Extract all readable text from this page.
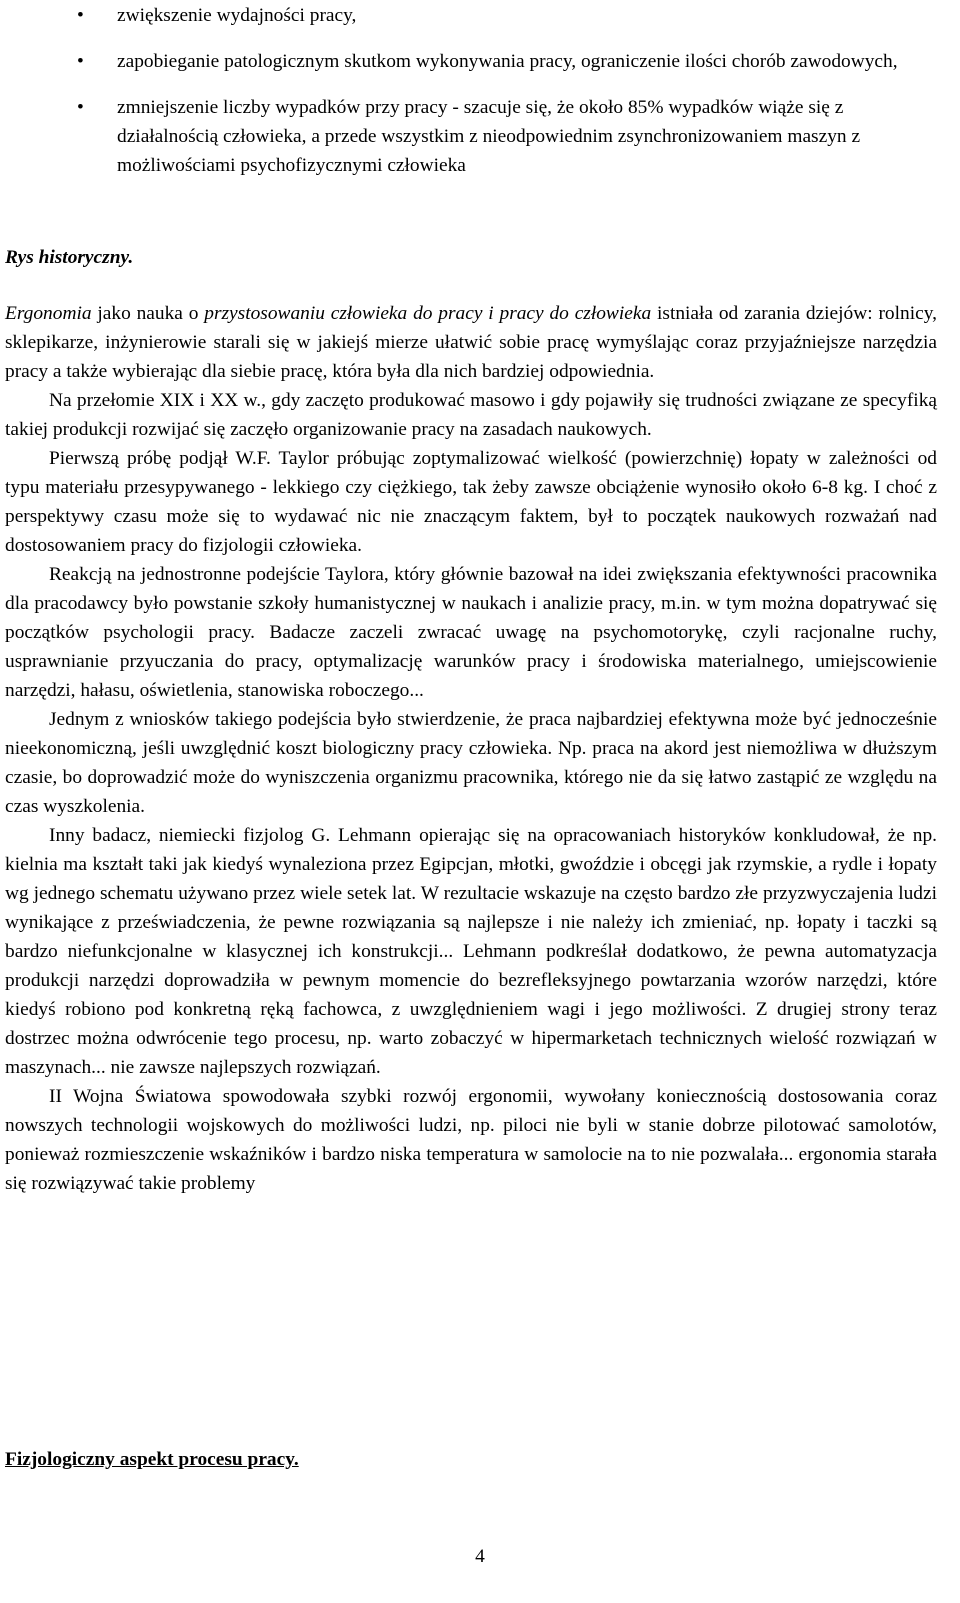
•	zwiększenie wydajności pracy,
•	zapobieganie patologicznym skutkom wykonywania pracy, ograniczenie ilości chorób zawodowych,
•	zmniejszenie liczby wypadków przy pracy - szacuje się, że około 85% wypadków wiąże się z działalnością człowieka, a przede wszystkim z nieodpowiednim zsynchronizowaniem maszyn z możliwościami psychofizycznymi człowieka
Rys historyczny.

Ergonomia jako nauka o przystosowaniu człowieka do pracy i pracy do człowieka istniała od zarania dziejów: rolnicy, sklepikarze, inżynierowie starali się w jakiejś mierze ułatwić sobie pracę wymyślając coraz przyjaźniejsze narzędzia pracy a także wybierając dla siebie pracę, która była dla nich bardziej odpowiednia.

Na przełomie XIX i XX w., gdy zaczęto produkować masowo i gdy pojawiły się trudności związane ze specyfiką takiej produkcji rozwijać się zaczęło organizowanie pracy na zasadach naukowych.

Pierwszą próbę podjął W.F. Taylor próbując zoptymalizować wielkość (powierzchnię) łopaty w zależności od typu materiału przesypywanego - lekkiego czy ciężkiego, tak żeby zawsze obciążenie wynosiło około 6-8 kg. I choć z perspektywy czasu może się to wydawać nic nie znaczącym faktem, był to początek naukowych rozważań nad dostosowaniem pracy do fizjologii człowieka.

Reakcją na jednostronne podejście Taylora, który głównie bazował na idei zwiększania efektywności pracownika dla pracodawcy było powstanie szkoły humanistycznej w naukach i analizie pracy, m.in. w tym można dopatrywać się początków psychologii pracy. Badacze zaczeli zwracać uwagę na psychomotorykę, czyli racjonalne ruchy, usprawnianie przyuczania do pracy, optymalizację warunków pracy i środowiska materialnego, umiejscowienie narzędzi, hałasu, oświetlenia, stanowiska roboczego...

Jednym z wniosków takiego podejścia było stwierdzenie, że praca najbardziej efektywna może być jednocześnie nieekonomiczną, jeśli uwzględnić koszt biologiczny pracy człowieka. Np. praca na akord jest niemożliwa w dłuższym czasie, bo doprowadzić może do wyniszczenia organizmu pracownika, którego nie da się łatwo zastąpić ze względu na czas wyszkolenia.

Inny badacz, niemiecki fizjolog G. Lehmann opierając się na opracowaniach historyków konkludował, że np. kielnia ma kształt taki jak kiedyś wynaleziona przez Egipcjan, młotki, gwoździe i obcęgi jak rzymskie, a rydle i łopaty wg jednego schematu używano przez wiele setek lat. W rezultacie wskazuje na często bardzo złe przyzwyczajenia ludzi wynikające z przeświadczenia, że pewne rozwiązania są najlepsze i nie należy ich zmieniać, np. łopaty i taczki są bardzo niefunkcjonalne w klasycznej ich konstrukcji... Lehmann podkreślał dodatkowo, że pewna automatyzacja produkcji narzędzi doprowadziła w pewnym momencie do bezrefleksyjnego powtarzania wzorów narzędzi, które kiedyś robiono pod konkretną ręką fachowca, z uwzględnieniem wagi i jego możliwości. Z drugiej strony teraz dostrzec można odwrócenie tego procesu, np. warto zobaczyć w hipermarketach technicznych wielość rozwiązań w maszynach... nie zawsze najlepszych rozwiązań.

II Wojna Światowa spowodowała szybki rozwój ergonomii, wywołany koniecznością dostosowania coraz nowszych technologii wojskowych do możliwości ludzi, np. piloci nie byli w stanie dobrze pilotować samolotów, ponieważ rozmieszczenie wskaźników i bardzo niska temperatura w samolocie na to nie pozwalała... ergonomia starała się rozwiązywać takie problemy

Fizjologiczny aspekt procesu pracy.
4
